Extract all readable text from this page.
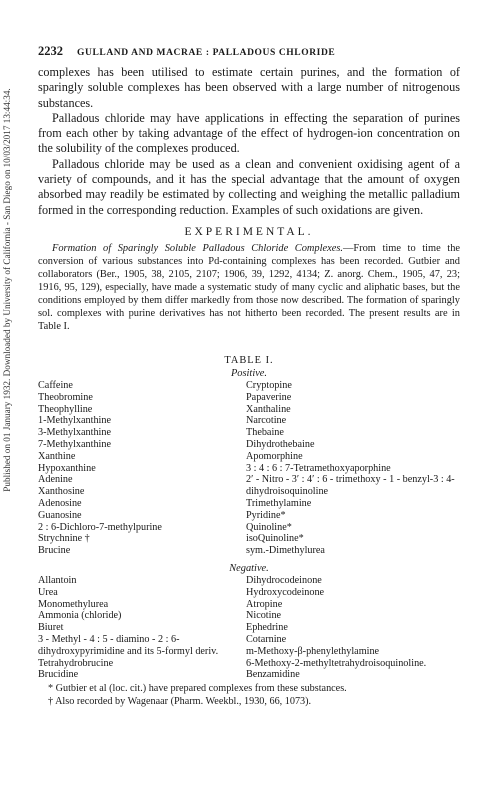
Published on 01 January 1932. Downloaded by University of California - San Diego on 10/03/2017 13:44:34.
2232 GULLAND AND MACRAE : PALLADOUS CHLORIDE

complexes has been utilised to estimate certain purines, and the formation of sparingly soluble complexes has been observed with a large number of nitrogenous substances.

Palladous chloride may have applications in effecting the separation of purines from each other by taking advantage of the effect of hydrogen-ion concentration on the solubility of the complexes produced.

Palladous chloride may be used as a clean and convenient oxidising agent of a variety of compounds, and it has the special advantage that the amount of oxygen absorbed may readily be estimated by collecting and weighing the metallic palladium formed in the corresponding reduction. Examples of such oxidations are given.

EXPERIMENTAL.

Formation of Sparingly Soluble Palladous Chloride Complexes.—From time to time the conversion of various substances into Pd-containing complexes has been recorded. Gutbier and collaborators (Ber., 1905, 38, 2105, 2107; 1906, 39, 1292, 4134; Z. anorg. Chem., 1905, 47, 23; 1916, 95, 129), especially, have made a systematic study of many cyclic and aliphatic bases, but the conditions employed by them differ markedly from those now described. The formation of sparingly sol. complexes with purine derivatives has not hitherto been recorded. The present results are in Table I.

TABLE I.
Positive.
Caffeine
Theobromine
Theophylline
1-Methylxanthine
3-Methylxanthine
7-Methylxanthine
Xanthine
Hypoxanthine
Adenine
Xanthosine
Adenosine
Guanosine
2 : 6-Dichloro-7-methylpurine
Strychnine †
Brucine
Cryptopine
Papaverine
Xanthaline
Narcotine
Thebaine
Dihydrothebaine
Apomorphine
3 : 4 : 6 : 7-Tetramethoxyaporphine
2′ - Nitro - 3′ : 4′ : 6 - trimethoxy - 1 - benzyl-3 : 4-dihydroisoquinoline
Trimethylamine
Pyridine*
Quinoline*
isoQuinoline*
sym.-Dimethylurea
Negative.
Allantoin
Urea
Monomethylurea
Ammonia (chloride)
Biuret
3 - Methyl - 4 : 5 - diamino - 2 : 6-dihydroxypyrimidine and its 5-formyl deriv.
Tetrahydrobrucine
Brucidine
Dihydrocodeinone
Hydroxycodeinone
Atropine
Nicotine
Ephedrine
Cotarnine
m-Methoxy-β-phenylethylamine
6-Methoxy-2-methyltetrahydroisoquinoline.
Benzamidine
* Gutbier et al (loc. cit.) have prepared complexes from these substances.
† Also recorded by Wagenaar (Pharm. Weekbl., 1930, 66, 1073).
